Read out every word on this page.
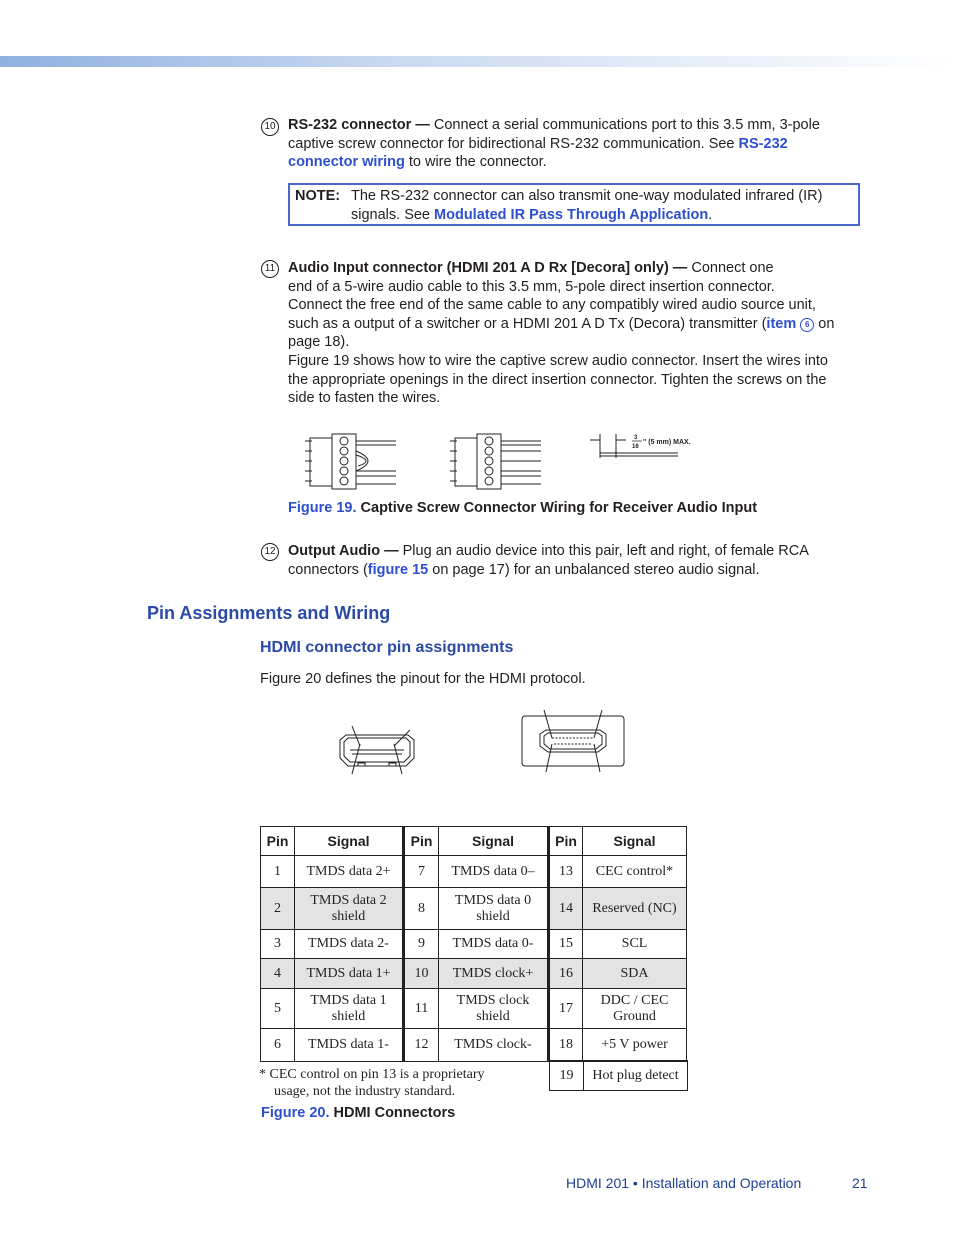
10 RS-232 connector — Connect a serial communications port to this 3.5 mm, 3-pole
captive screw connector for bidirectional RS-232 communication. See RS-232
connector wiring to wire the connector.
NOTE: The RS-232 connector can also transmit one-way modulated infrared (IR)
signals. See Modulated IR Pass Through Application.
11 Audio Input connector (HDMI 201 A D Rx [Decora] only) — Connect one
end of a 5-wire audio cable to this 3.5 mm, 5-pole direct insertion connector.
Connect the free end of the same cable to any compatibly wired audio source unit,
such as a output of a switcher or a HDMI 201 A D Tx (Decora) transmitter (item 6 on
page 18).
Figure 19 shows how to wire the captive screw audio connector. Insert the wires into
the appropriate openings in the direct insertion connector. Tighten the screws on the
side to fasten the wires.
3
16
" (5 mm) MAX.
Figure 19. Captive Screw Connector Wiring for Receiver Audio Input
12 Output Audio — Plug an audio device into this pair, left and right, of female RCA
connectors (figure 15 on page 17) for an unbalanced stereo audio signal.
Pin Assignments and Wiring
HDMI connector pin assignments
Figure 20 defines the pinout for the HDMI protocol.
Pin	Signal	Pin	Signal	Pin	Signal
1	TMDS data 2+	7	TMDS data 0–	13	CEC control*
2	TMDS data 2 shield	8	TMDS data 0 shield	14	Reserved (NC)
3	TMDS data 2-	9	TMDS data 0-	15	SCL
4	TMDS data 1+	10	TMDS clock+	16	SDA
5	TMDS data 1 shield	11	TMDS clock shield	17	DDC / CEC Ground
6	TMDS data 1-	12	TMDS clock-	18	+5 V power
19	Hot plug detect
* CEC control on pin 13 is a proprietary
usage, not the industry standard.
Figure 20. HDMI Connectors
HDMI 201 • Installation and Operation	21
